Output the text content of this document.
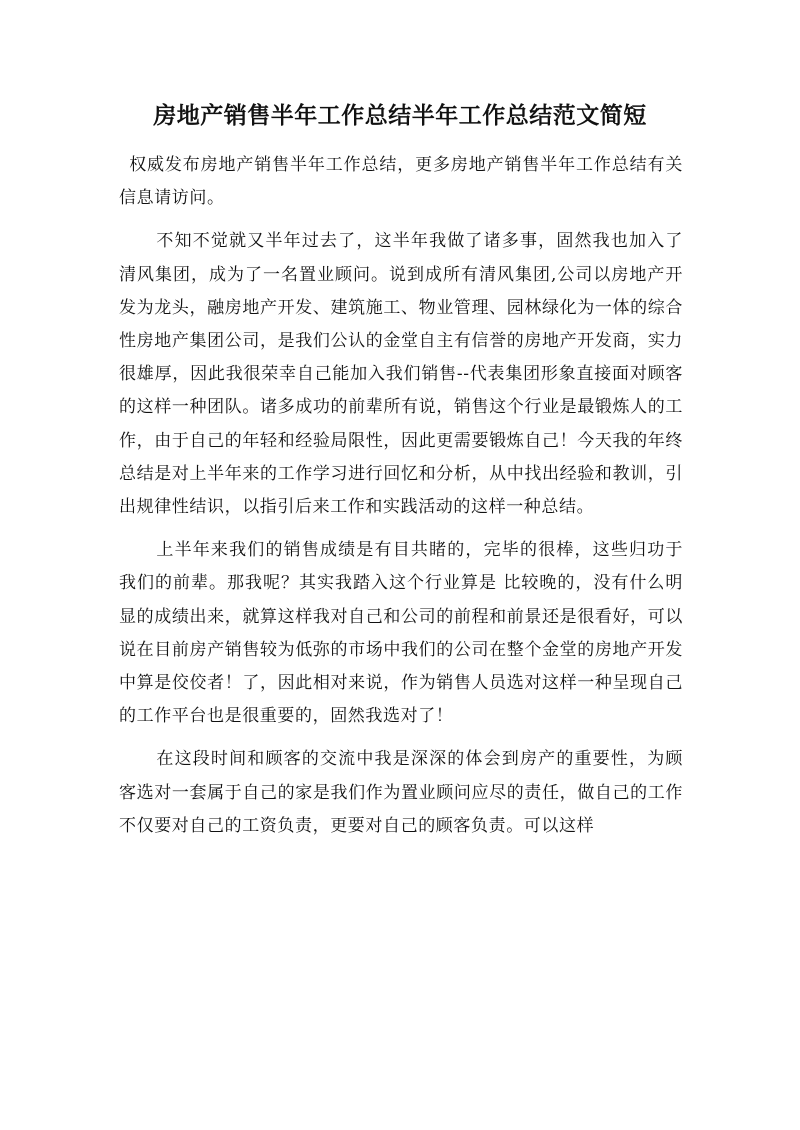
房地产销售半年工作总结半年工作总结范文简短

权威发布房地产销售半年工作总结，更多房地产销售半年工作总结有关信息请访问。

不知不觉就又半年过去了，这半年我做了诸多事，固然我也加入了清风集团，成为了一名置业顾问。说到成所有清风集团,公司以房地产开发为龙头，融房地产开发、建筑施工、物业管理、园林绿化为一体的综合性房地产集团公司，是我们公认的金堂自主有信誉的房地产开发商，实力很雄厚，因此我很荣幸自己能加入我们销售--代表集团形象直接面对顾客的这样一种团队。诸多成功的前辈所有说，销售这个行业是最锻炼人的工作，由于自己的年轻和经验局限性，因此更需要锻炼自己！今天我的年终总结是对上半年来的工作学习进行回忆和分析，从中找出经验和教训，引出规律性结识，以指引后来工作和实践活动的这样一种总结。

上半年来我们的销售成绩是有目共睹的，完毕的很棒，这些归功于我们的前辈。那我呢？其实我踏入这个行业算是 比较晚的，没有什么明显的成绩出来，就算这样我对自己和公司的前程和前景还是很看好，可以说在目前房产销售较为低弥的市场中我们的公司在整个金堂的房地产开发中算是佼佼者！了，因此相对来说，作为销售人员选对这样一种呈现自己的工作平台也是很重要的，固然我选对了！

在这段时间和顾客的交流中我是深深的体会到房产的重要性，为顾客选对一套属于自己的家是我们作为置业顾问应尽的责任，做自己的工作不仅要对自己的工资负责，更要对自己的顾客负责。可以这样
